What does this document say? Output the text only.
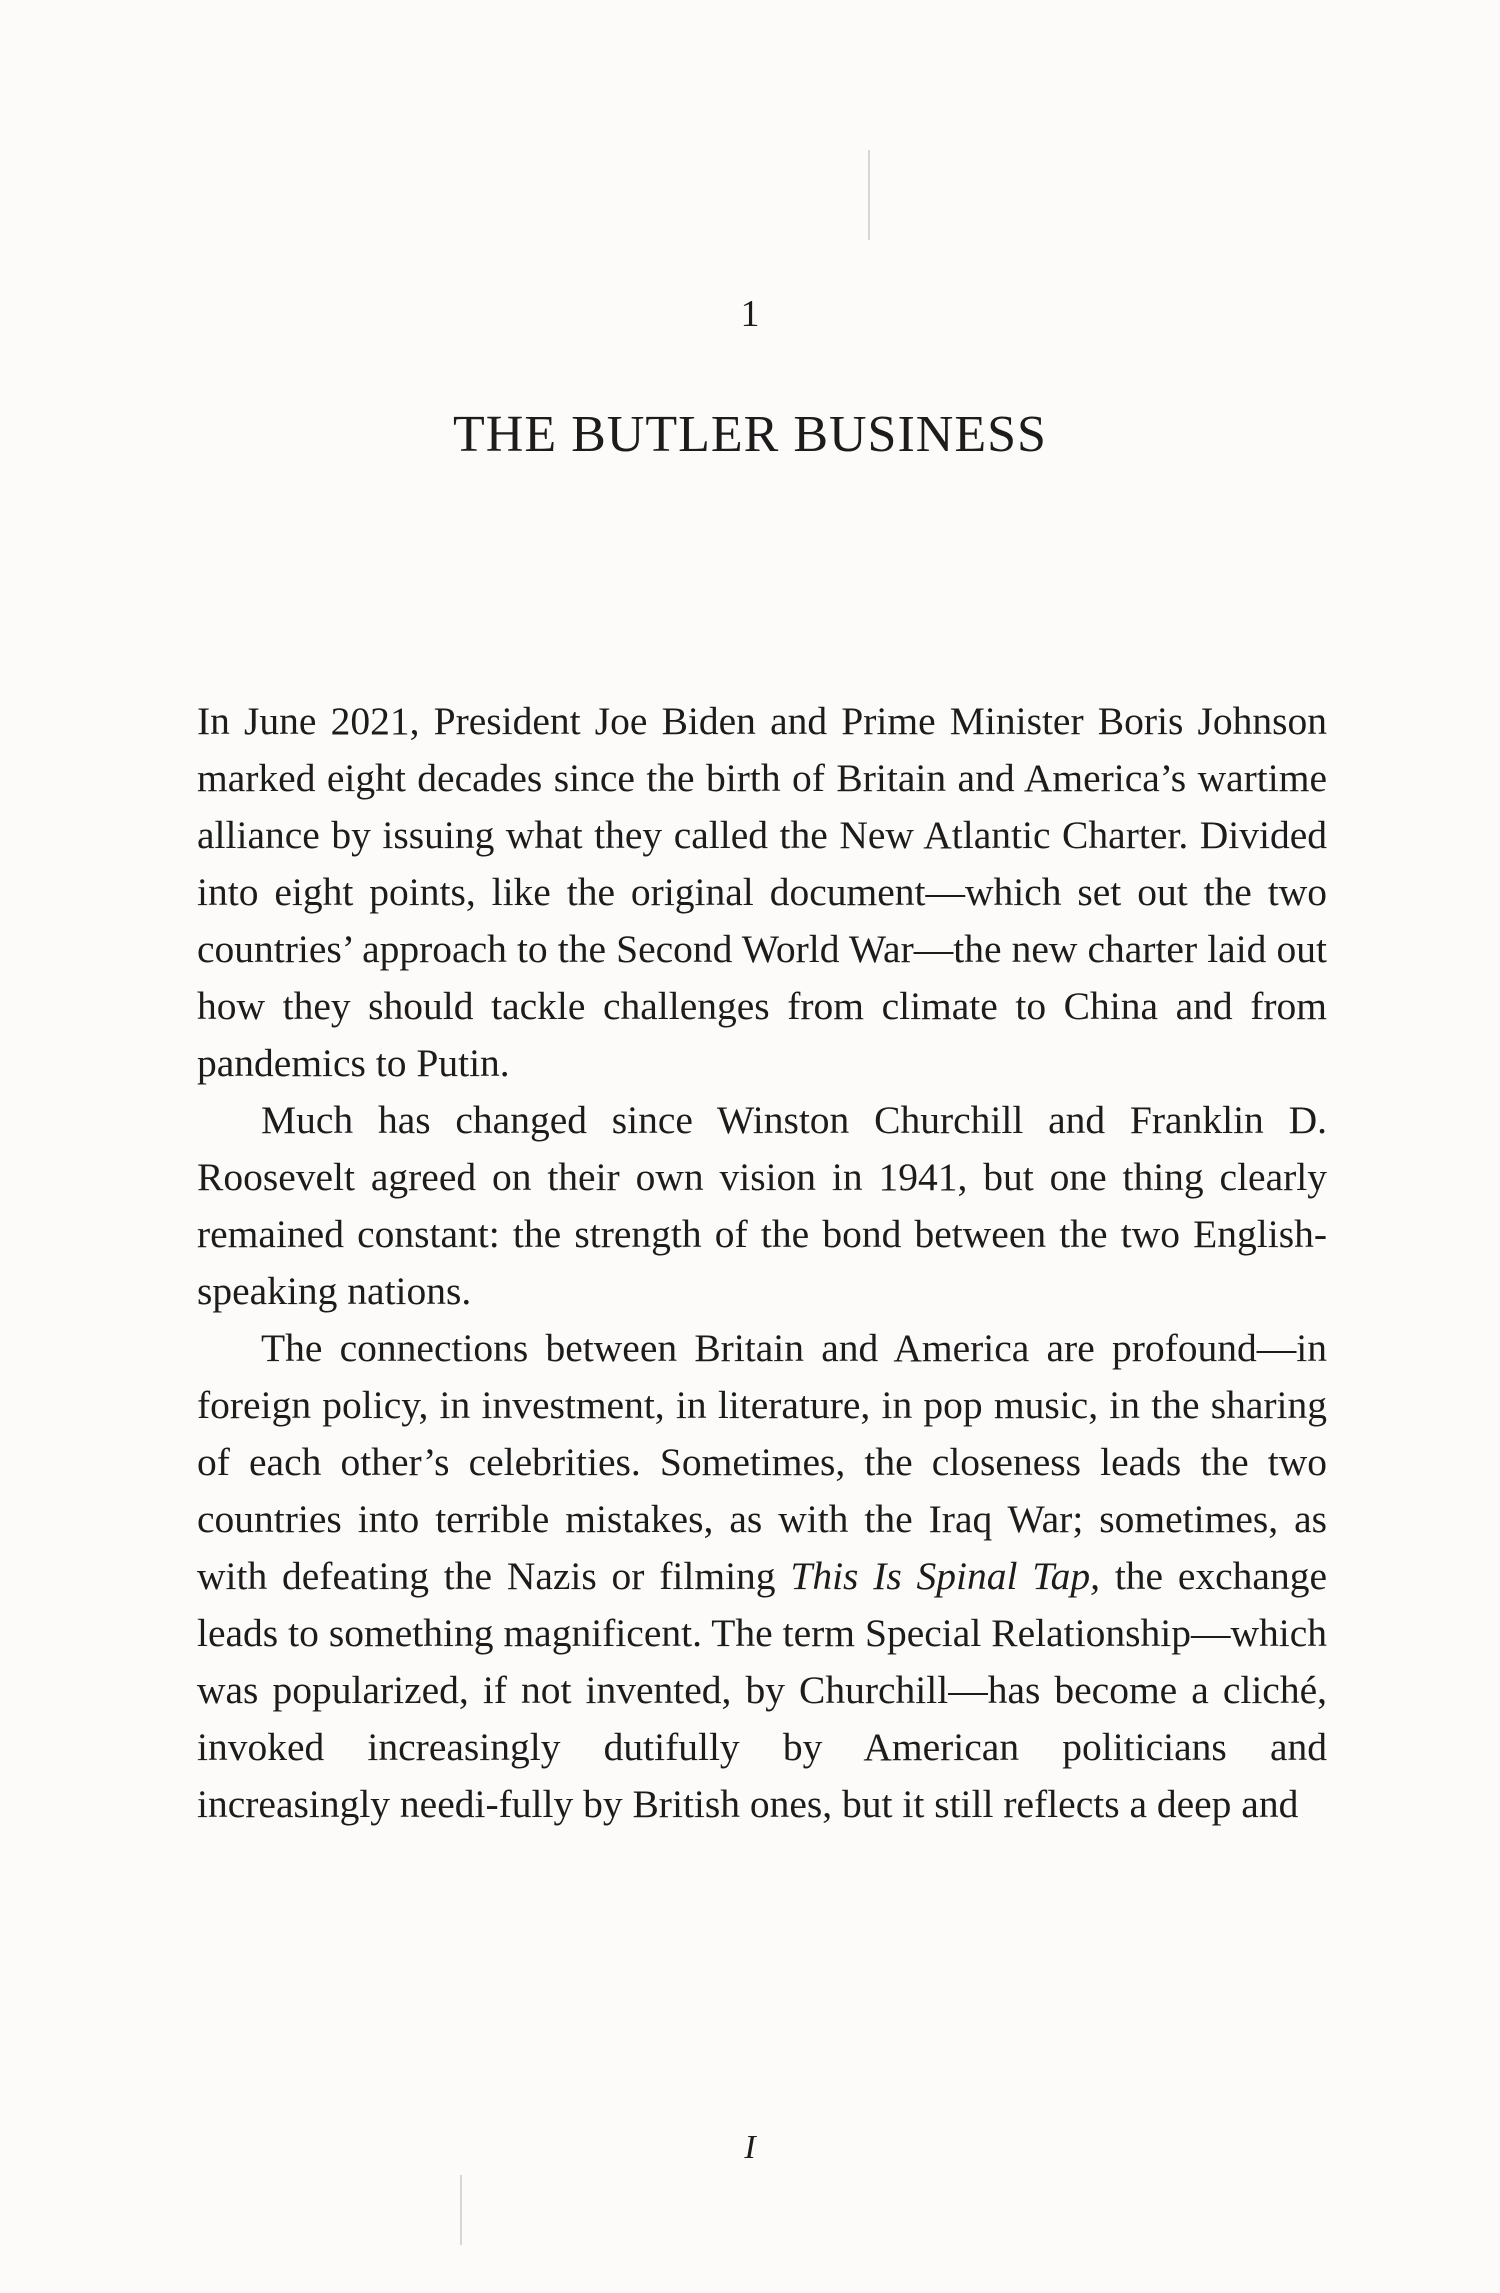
1
THE BUTLER BUSINESS

In June 2021, President Joe Biden and Prime Minister Boris Johnson marked eight decades since the birth of Britain and America’s wartime alliance by issuing what they called the New Atlantic Charter. Divided into eight points, like the original document—which set out the two countries’ approach to the Second World War—the new charter laid out how they should tackle challenges from climate to China and from pandemics to Putin.

Much has changed since Winston Churchill and Franklin D. Roosevelt agreed on their own vision in 1941, but one thing clearly remained constant: the strength of the bond between the two English-speaking nations.

The connections between Britain and America are profound—in foreign policy, in investment, in literature, in pop music, in the sharing of each other’s celebrities. Sometimes, the closeness leads the two countries into terrible mistakes, as with the Iraq War; sometimes, as with defeating the Nazis or filming This Is Spinal Tap, the exchange leads to something magnificent. The term Special Relationship—which was popularized, if not invented, by Churchill—has become a cliché, invoked increasingly dutifully by American politicians and increasingly needi-fully by British ones, but it still reflects a deep and

I
